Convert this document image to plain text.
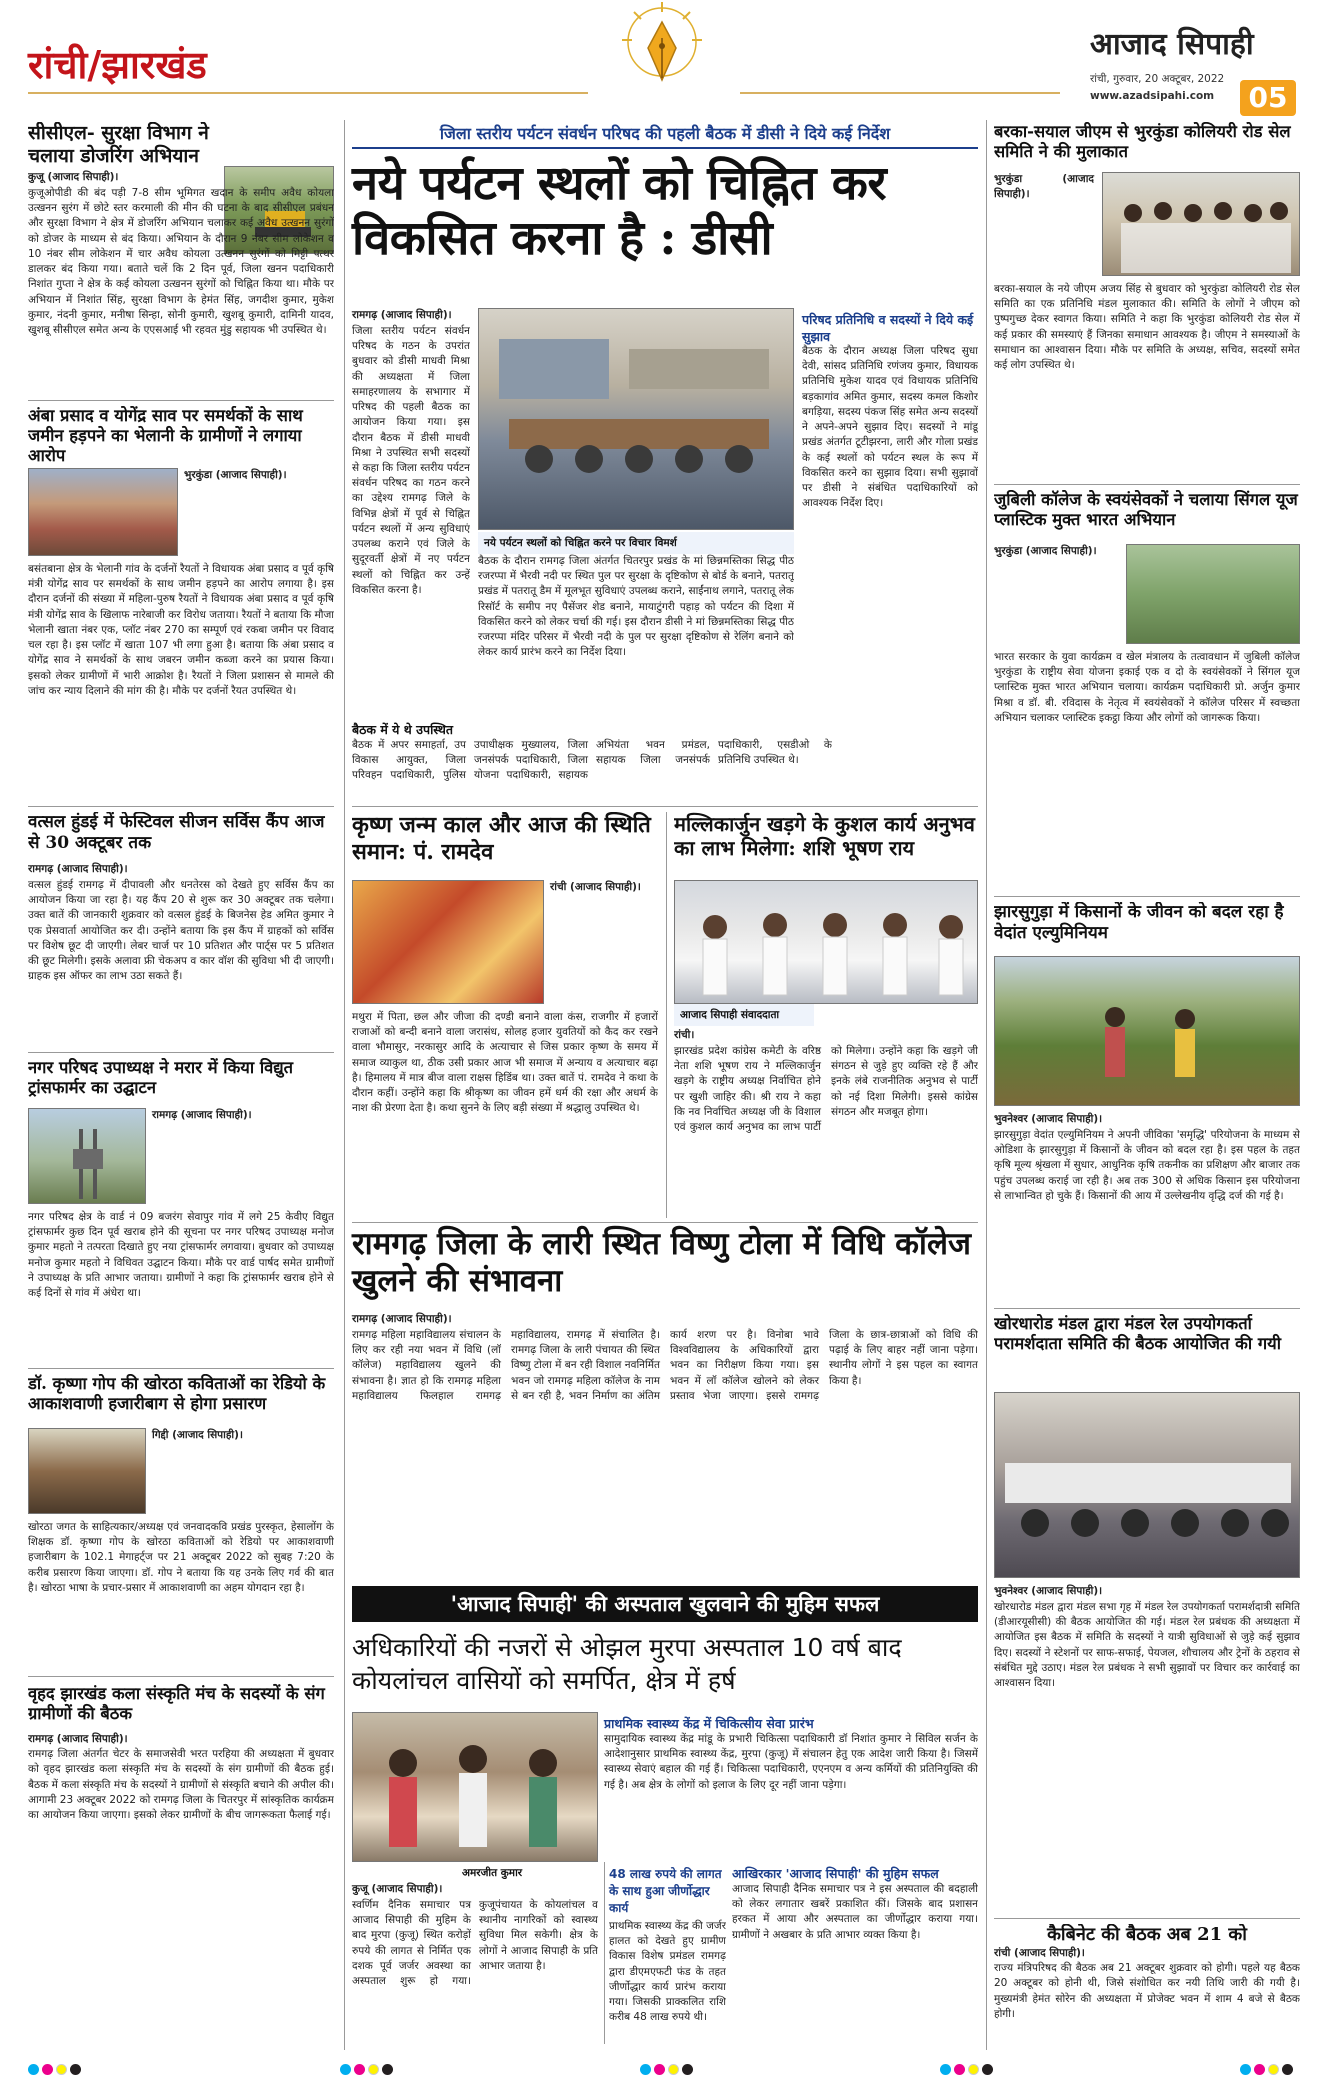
रांची/झारखंड	आजाद सिपाही
रांची, गुरुवार, 20 अक्टूबर, 2022
www.azadsipahi.com 05
सीसीएल- सुरक्षा विभाग ने चलाया डोजरिंग अभियान
कुजू (आजाद सिपाही)।
कुजूओपीडी की बंद पड़ी 7-8 सीम भूमिगत खदान के समीप अवैध कोयला उत्खनन सुरंग में छोटे स्तर करमाली की मीन की घटना के बाद सीसीएल प्रबंधन और सुरक्षा विभाग ने क्षेत्र में डोजरिंग अभियान चलाकर कई अवैध उत्खनन सुरंगों को डोजर के माध्यम से बंद किया। अभियान के दौरान 9 नंबर सीम लोकेशन व 10 नंबर सीम लोकेशन में चार अवैध कोयला उत्खनन सुरंगों को मिट्टी पत्थर डालकर बंद किया गया। बताते चलें कि 2 दिन पूर्व, जिला खनन पदाधिकारी निशांत गुप्ता ने क्षेत्र के कई कोयला उत्खनन सुरंगों को चिह्नित किया था। मौके पर अभियान में निशांत सिंह, सुरक्षा विभाग के हेमंत सिंह, जगदीश कुमार, मुकेश कुमार, नंदनी कुमार, मनीषा सिन्हा, सोनी कुमारी, खुशबू कुमारी, दामिनी यादव, खुशबू सीसीएल समेत अन्य के एएसआई भी रहवत मुंडु सहायक भी उपस्थित थे।
अंबा प्रसाद व योगेंद्र साव पर समर्थकों के साथ जमीन हड़पने का भेलानी के ग्रामीणों ने लगाया आरोप
भुरकुंडा (आजाद सिपाही)।
बसंतबाना क्षेत्र के भेलानी गांव के दर्जनों रैयतों ने विधायक अंबा प्रसाद व पूर्व कृषि मंत्री योगेंद्र साव पर समर्थकों के साथ जमीन हड़पने का आरोप लगाया है। इस दौरान दर्जनों की संख्या में महिला-पुरुष रैयतों ने विधायक अंबा प्रसाद व पूर्व कृषि मंत्री योगेंद्र साव के खिलाफ नारेबाजी कर विरोध जताया। रैयतों ने बताया कि मौजा भेलानी खाता नंबर एक, प्लॉट नंबर 270 का सम्पूर्ण एवं रकबा जमीन पर विवाद चल रहा है। इस प्लॉट में खाता 107 भी लगा हुआ है। बताया कि अंबा प्रसाद व योगेंद्र साव ने समर्थकों के साथ जबरन जमीन कब्जा करने का प्रयास किया। इसको लेकर ग्रामीणों में भारी आक्रोश है। रैयतों ने जिला प्रशासन से मामले की जांच कर न्याय दिलाने की मांग की है। मौके पर दर्जनों रैयत उपस्थित थे।
वत्सल हुंडई में फेस्टिवल सीजन सर्विस कैंप आज से 30 अक्टूबर तक
रामगढ़ (आजाद सिपाही)।
वत्सल हुंडई रामगढ़ में दीपावली और धनतेरस को देखते हुए सर्विस कैंप का आयोजन किया जा रहा है। यह कैंप 20 से शुरू कर 30 अक्टूबर तक चलेगा। उक्त बातें की जानकारी शुक्रवार को वत्सल हुंडई के बिजनेस हेड अमित कुमार ने एक प्रेसवार्ता आयोजित कर दी। उन्होंने बताया कि इस कैंप में ग्राहकों को सर्विस पर विशेष छूट दी जाएगी। लेबर चार्ज पर 10 प्रतिशत और पार्ट्स पर 5 प्रतिशत की छूट मिलेगी। इसके अलावा फ्री चेकअप व कार वॉश की सुविधा भी दी जाएगी। ग्राहक इस ऑफर का लाभ उठा सकते हैं।
नगर परिषद उपाध्यक्ष ने मरार में किया विद्युत ट्रांसफार्मर का उद्घाटन
रामगढ़ (आजाद सिपाही)।
नगर परिषद क्षेत्र के वार्ड नं 09 बजरंग सेवापुर गांव में लगे 25 केवीए विद्युत ट्रांसफार्मर कुछ दिन पूर्व खराब होने की सूचना पर नगर परिषद उपाध्यक्ष मनोज कुमार महतो ने तत्परता दिखाते हुए नया ट्रांसफार्मर लगवाया। बुधवार को उपाध्यक्ष मनोज कुमार महतो ने विधिवत उद्घाटन किया। मौके पर वार्ड पार्षद समेत ग्रामीणों ने उपाध्यक्ष के प्रति आभार जताया। ग्रामीणों ने कहा कि ट्रांसफार्मर खराब होने से कई दिनों से गांव में अंधेरा था।
डॉ. कृष्णा गोप की खोरठा कविताओं का रेडियो के आकाशवाणी हजारीबाग से होगा प्रसारण
गिद्दी (आजाद सिपाही)।
खोरठा जगत के साहित्यकार/अध्यक्ष एवं जनवादकवि प्रखंड पुरस्कृत, हेसालोंग के शिक्षक डॉ. कृष्णा गोप के खोरठा कविताओं को रेडियो पर आकाशवाणी हजारीबाग के 102.1 मेगाहर्ट्ज पर 21 अक्टूबर 2022 को सुबह 7:20 के करीब प्रसारण किया जाएगा। डॉ. गोप ने बताया कि यह उनके लिए गर्व की बात है। खोरठा भाषा के प्रचार-प्रसार में आकाशवाणी का अहम योगदान रहा है।
वृहद झारखंड कला संस्कृति मंच के सदस्यों के संग ग्रामीणों की बैठक
रामगढ़ (आजाद सिपाही)।
रामगढ़ जिला अंतर्गत चेटर के समाजसेवी भरत परहिया की अध्यक्षता में बुधवार को वृहद झारखंड कला संस्कृति मंच के सदस्यों के संग ग्रामीणों की बैठक हुई। बैठक में कला संस्कृति मंच के सदस्यों ने ग्रामीणों से संस्कृति बचाने की अपील की। आगामी 23 अक्टूबर 2022 को रामगढ़ जिला के चितरपुर में सांस्कृतिक कार्यक्रम का आयोजन किया जाएगा। इसको लेकर ग्रामीणों के बीच जागरूकता फैलाई गई।
जिला स्तरीय पर्यटन संवर्धन परिषद की पहली बैठक में डीसी ने दिये कई निर्देश
नये पर्यटन स्थलों को चिह्नित कर विकसित करना है : डीसी
रामगढ़ (आजाद सिपाही)।
जिला स्तरीय पर्यटन संवर्धन परिषद के गठन के उपरांत बुधवार को डीसी माधवी मिश्रा की अध्यक्षता में जिला समाहरणालय के सभागार में परिषद की पहली बैठक का आयोजन किया गया। इस दौरान बैठक में डीसी माधवी मिश्रा ने उपस्थित सभी सदस्यों से कहा कि जिला स्तरीय पर्यटन संवर्धन परिषद का गठन करने का उद्देश्य रामगढ़ जिले के विभिन्न क्षेत्रों में पूर्व से चिह्नित पर्यटन स्थलों में अन्य सुविधाएं उपलब्ध कराने एवं जिले के सुदूरवर्ती क्षेत्रों में नए पर्यटन स्थलों को चिह्नित कर उन्हें विकसित करना है।
बैठक में ये थे उपस्थित
बैठक में अपर समाहर्ता, उप विकास आयुक्त, जिला परिवहन पदाधिकारी, पुलिस उपाधीक्षक मुख्यालय, जिला जनसंपर्क पदाधिकारी, जिला योजना पदाधिकारी, सहायक अभियंता भवन प्रमंडल, सहायक जिला जनसंपर्क पदाधिकारी, एसडीओ के प्रतिनिधि उपस्थित थे।
नये पर्यटन स्थलों को चिह्नित करने पर विचार विमर्श
बैठक के दौरान रामगढ़ जिला अंतर्गत चितरपुर प्रखंड के मां छिन्नमस्तिका सिद्ध पीठ रजरप्पा में भैरवी नदी पर स्थित पुल पर सुरक्षा के दृष्टिकोण से बोर्ड के बनाने, पतरातू प्रखंड में पतरातू डैम में मूलभूत सुविधाएं उपलब्ध कराने, साईंनाथ लगाने, पतरातू लेक रिसॉर्ट के समीप नए पैसेंजर शेड बनाने, मायाटुंगरी पहाड़ को पर्यटन की दिशा में विकसित करने को लेकर चर्चा की गई। इस दौरान डीसी ने मां छिन्नमस्तिका सिद्ध पीठ रजरप्पा मंदिर परिसर में भैरवी नदी के पुल पर सुरक्षा दृष्टिकोण से रेलिंग बनाने को लेकर कार्य प्रारंभ करने का निर्देश दिया।
परिषद प्रतिनिधि व सदस्यों ने दिये कई सुझाव
बैठक के दौरान अध्यक्ष जिला परिषद सुधा देवी, सांसद प्रतिनिधि रणंजय कुमार, विधायक प्रतिनिधि मुकेश यादव एवं विधायक प्रतिनिधि बड़कागांव अमित कुमार, सदस्य कमल किशोर बगड़िया, सदस्य पंकज सिंह समेत अन्य सदस्यों ने अपने-अपने सुझाव दिए। सदस्यों ने मांडू प्रखंड अंतर्गत टूटीझरना, लारी और गोला प्रखंड के कई स्थलों को पर्यटन स्थल के रूप में विकसित करने का सुझाव दिया। सभी सुझावों पर डीसी ने संबंधित पदाधिकारियों को आवश्यक निर्देश दिए।
कृष्ण जन्म काल और आज की स्थिति समान: पं. रामदेव
रांची (आजाद सिपाही)।
मथुरा में पिता, छल और जीजा की दण्डी बनाने वाला कंस, राजगीर में हजारों राजाओं को बन्दी बनाने वाला जरासंध, सोलह हजार युवतियों को कैद कर रखने वाला भौमासुर, नरकासुर आदि के अत्याचार से जिस प्रकार कृष्ण के समय में समाज व्याकुल था, ठीक उसी प्रकार आज भी समाज में अन्याय व अत्याचार बढ़ा है। हिमालय में मात्र बीज वाला राक्षस हिडिंब था। उक्त बातें पं. रामदेव ने कथा के दौरान कहीं। उन्होंने कहा कि श्रीकृष्ण का जीवन हमें धर्म की रक्षा और अधर्म के नाश की प्रेरणा देता है। कथा सुनने के लिए बड़ी संख्या में श्रद्धालु उपस्थित थे।
मल्लिकार्जुन खड़गे के कुशल कार्य अनुभव का लाभ मिलेगा: शशि भूषण राय
आजाद सिपाही संवाददाता
रांची।
झारखंड प्रदेश कांग्रेस कमेटी के वरिष्ठ नेता शशि भूषण राय ने मल्लिकार्जुन खड़गे के राष्ट्रीय अध्यक्ष निर्वाचित होने पर खुशी जाहिर की। श्री राय ने कहा कि नव निर्वाचित अध्यक्ष जी के विशाल एवं कुशल कार्य अनुभव का लाभ पार्टी को मिलेगा। उन्होंने कहा कि खड़गे जी संगठन से जुड़े हुए व्यक्ति रहे हैं और इनके लंबे राजनीतिक अनुभव से पार्टी को नई दिशा मिलेगी। इससे कांग्रेस संगठन और मजबूत होगा।
रामगढ़ जिला के लारी स्थित विष्णु टोला में विधि कॉलेज खुलने की संभावना
रामगढ़ (आजाद सिपाही)।
रामगढ़ महिला महाविद्यालय संचालन के लिए कर रही नया भवन में विधि (लॉ कॉलेज) महाविद्यालय खुलने की संभावना है। ज्ञात हो कि रामगढ़ महिला महाविद्यालय फिलहाल रामगढ़ महाविद्यालय, रामगढ़ में संचालित है। रामगढ़ जिला के लारी पंचायत की स्थित विष्णु टोला में बन रही विशाल नवनिर्मित भवन जो रामगढ़ महिला कॉलेज के नाम से बन रही है, भवन निर्माण का अंतिम कार्य शरण पर है। विनोबा भावे विश्वविद्यालय के अधिकारियों द्वारा भवन का निरीक्षण किया गया। इस भवन में लॉ कॉलेज खोलने को लेकर प्रस्ताव भेजा जाएगा। इससे रामगढ़ जिला के छात्र-छात्राओं को विधि की पढ़ाई के लिए बाहर नहीं जाना पड़ेगा। स्थानीय लोगों ने इस पहल का स्वागत किया है।
'आजाद सिपाही' की अस्पताल खुलवाने की मुहिम सफल
अधिकारियों की नजरों से ओझल मुरपा अस्पताल 10 वर्ष बाद कोयलांचल वासियों को समर्पित, क्षेत्र में हर्ष
अमरजीत कुमार
कुजू (आजाद सिपाही)।
स्वर्णिम दैनिक समाचार पत्र आजाद सिपाही की मुहिम के बाद मुरपा (कुजू) स्थित करोड़ों रुपये की लागत से निर्मित एक दशक पूर्व जर्जर अवस्था का अस्पताल शुरू हो गया। कुजूपंचायत के कोयलांचल व स्थानीय नागरिकों को स्वास्थ्य सुविधा मिल सकेगी। क्षेत्र के लोगों ने आजाद सिपाही के प्रति आभार जताया है।
48 लाख रुपये की लागत के साथ हुआ जीर्णोद्धार कार्य
प्राथमिक स्वास्थ्य केंद्र की जर्जर हालत को देखते हुए ग्रामीण विकास विशेष प्रमंडल रामगढ़ द्वारा डीएमएफटी फंड के तहत जीर्णोद्धार कार्य प्रारंभ कराया गया। जिसकी प्राक्कलित राशि करीब 48 लाख रुपये थी।
प्राथमिक स्वास्थ्य केंद्र में चिकित्सीय सेवा प्रारंभ
सामुदायिक स्वास्थ्य केंद्र मांडू के प्रभारी चिकित्सा पदाधिकारी डॉ निशांत कुमार ने सिविल सर्जन के आदेशानुसार प्राथमिक स्वास्थ्य केंद्र, मुरपा (कुजू) में संचालन हेतु एक आदेश जारी किया है। जिसमें स्वास्थ्य सेवाएं बहाल की गई हैं। चिकित्सा पदाधिकारी, एएनएम व अन्य कर्मियों की प्रतिनियुक्ति की गई है। अब क्षेत्र के लोगों को इलाज के लिए दूर नहीं जाना पड़ेगा।
आखिरकार 'आजाद सिपाही' की मुहिम सफल
आजाद सिपाही दैनिक समाचार पत्र ने इस अस्पताल की बदहाली को लेकर लगातार खबरें प्रकाशित कीं। जिसके बाद प्रशासन हरकत में आया और अस्पताल का जीर्णोद्धार कराया गया। ग्रामीणों ने अखबार के प्रति आभार व्यक्त किया है।
बरका-सयाल जीएम से भुरकुंडा कोलियरी रोड सेल समिति ने की मुलाकात
भुरकुंडा (आजाद सिपाही)।
बरका-सयाल के नये जीएम अजय सिंह से बुधवार को भुरकुंडा कोलियरी रोड सेल समिति का एक प्रतिनिधि मंडल मुलाकात की। समिति के लोगों ने जीएम को पुष्पगुच्छ देकर स्वागत किया। समिति ने कहा कि भुरकुंडा कोलियरी रोड सेल में कई प्रकार की समस्याएं हैं जिनका समाधान आवश्यक है। जीएम ने समस्याओं के समाधान का आश्वासन दिया। मौके पर समिति के अध्यक्ष, सचिव, सदस्यों समेत कई लोग उपस्थित थे।
जुबिली कॉलेज के स्वयंसेवकों ने चलाया सिंगल यूज प्लास्टिक मुक्त भारत अभियान
भुरकुंडा (आजाद सिपाही)।
भारत सरकार के युवा कार्यक्रम व खेल मंत्रालय के तत्वावधान में जुबिली कॉलेज भुरकुंडा के राष्ट्रीय सेवा योजना इकाई एक व दो के स्वयंसेवकों ने सिंगल यूज प्लास्टिक मुक्त भारत अभियान चलाया। कार्यक्रम पदाधिकारी प्रो. अर्जुन कुमार मिश्रा व डॉ. बी. रविदास के नेतृत्व में स्वयंसेवकों ने कॉलेज परिसर में स्वच्छता अभियान चलाकर प्लास्टिक इकट्ठा किया और लोगों को जागरूक किया।
झारसुगुड़ा में किसानों के जीवन को बदल रहा है वेदांत एल्युमिनियम
भुवनेश्वर (आजाद सिपाही)।
झारसुगुड़ा वेदांत एल्युमिनियम ने अपनी जीविका 'समृद्धि' परियोजना के माध्यम से ओडिशा के झारसुगुड़ा में किसानों के जीवन को बदल रहा है। इस पहल के तहत कृषि मूल्य श्रृंखला में सुधार, आधुनिक कृषि तकनीक का प्रशिक्षण और बाजार तक पहुंच उपलब्ध कराई जा रही है। अब तक 300 से अधिक किसान इस परियोजना से लाभान्वित हो चुके हैं। किसानों की आय में उल्लेखनीय वृद्धि दर्ज की गई है।
खोरधारोड मंडल द्वारा मंडल रेल उपयोगकर्ता परामर्शदाता समिति की बैठक आयोजित की गयी
भुवनेश्वर (आजाद सिपाही)।
खोरधारोड मंडल द्वारा मंडल सभा गृह में मंडल रेल उपयोगकर्ता परामर्शदात्री समिति (डीआरयूसीसी) की बैठक आयोजित की गई। मंडल रेल प्रबंधक की अध्यक्षता में आयोजित इस बैठक में समिति के सदस्यों ने यात्री सुविधाओं से जुड़े कई सुझाव दिए। सदस्यों ने स्टेशनों पर साफ-सफाई, पेयजल, शौचालय और ट्रेनों के ठहराव से संबंधित मुद्दे उठाए। मंडल रेल प्रबंधक ने सभी सुझावों पर विचार कर कार्रवाई का आश्वासन दिया।
कैबिनेट की बैठक अब 21 को
रांची (आजाद सिपाही)।
राज्य मंत्रिपरिषद की बैठक अब 21 अक्टूबर शुक्रवार को होगी। पहले यह बैठक 20 अक्टूबर को होनी थी, जिसे संशोधित कर नयी तिथि जारी की गयी है। मुख्यमंत्री हेमंत सोरेन की अध्यक्षता में प्रोजेक्ट भवन में शाम 4 बजे से बैठक होगी।
